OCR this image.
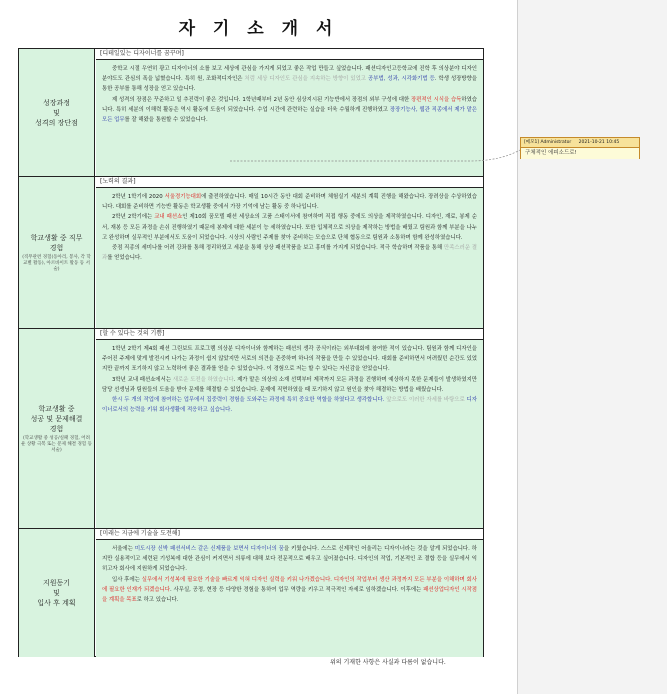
자 기 소 개 서
성장과정
및
성격의 장단점
[디테일있는 디자이너를 꿈꾸며]

중학교 시절 우연히 광고 디자이너의 소를 보고 세상에 관심을 가지게 되었고 좋은 작업 만들고 싶었습니다. 패션디자인고등학교에 진학 후 의상분야 디자인 분야도도 관심의 폭을 넓혔습니다. 특히 원, 조화적디자인은 처럼 세상 디자인도 관심을 지속하는 방향이 있었고 공부법, 성과, 시각화기법 등. 학생 성장방향을 통한 공부를 통해 성장을 얻고 있습니다.

제 성격의 장점은 꾸준하고 일 추진력이 좋은 것입니다. 1학년때부터 2년 동안 심상지시된 기능반에서 장점의 외부 구성에 대한 장편적인 시식을 습득하였습니다. 특히 세분의 이해력 활동은 역시 활동에 도움이 되었습니다. 수업 시간에 관련하는 실습을 더욱 수월하게 진행하였고 장장기능사, 웹관 직종에서 제가 맡은 모든 업무를 잘 해왔을 통원할 수 있었습니다.

학교생활 중 직무
경험
(직무관련 경험(동아리, 봉사, 각 학교별 활동), 아르바이트 활동 등 서술)
[노력의 결과]

2학년 1학기에 2020 서울경기능대회에 출전하였습니다. 매일 10시간 동안 대회 준비하며 체험실기 세분의 계획 진행을 해왔습니다. 장려상을 수상하였습니다. 대회를 준비하면 기능반 활동은 학교생활 중에서 가장 기억에 남는 활동 중 하나입니다.

2학년 2학기에는 교내 패션쇼인 제10회 꿈모델 패션 세상쇼의 고품 스태이서에 참여하며 직접 행동 중에도 의상을 제작하였습니다. 디자인, 재료, 봉제 순서, 재봉 등 모든 과정을 손쉬 진행하였기 때문에 봉제에 대한 세분이 능 세하였습니다. 또한 입체적으로 의상을 제작하는 방법을 배웠고 팀원과 함께 부분을 나누고 완성하며 실무적인 부분에서도 도움이 되었습니다. 시상의 사람인 주제를 찾아 준비하는 모습으로 단체 협동으로 팀원과 소통하며 함께 완성하였습니다.

중점 직종의 세미나를 어려 강좌를 통해 정리하였고 세분을 통해 상상 패션작품을 보고 흥미를 가지게 되었습니다. 적극 학습하며 작품을 통해 만족스러운 결과를 얻었습니다.

학교생활 중
성공 및 문제해결
경험
(학교생활 중 성공/실패 경험, 어려운 상황 극복 또는 문제 해결 경험 등 서술)
[할 수 있다는 것의 기쁨]

1학년 2학기 제4회 패션 그린보트 프로그램 의상분 디자이너와 함께하는 패션의 생각 공식이라는 외부대회에 참여한 적이 있습니다. 팀원과 함께 디자인을 주어진 주제에 맞게 발전시켜 나가는 과정이 쉽지 않았지만 서로의 의견을 존중하며 하나의 작품을 만들 수 있었습니다. 대회를 준비하면서 어려웠던 순간도 있었지만 끝까지 포기하지 않고 노력하여 좋은 결과를 얻을 수 있었습니다. 이 경험으로 저는 할 수 있다는 자신감을 얻었습니다.

3학년 교내 패션쇼에서는 새로운 도전을 하였습니다. 제가 맡은 의상의 소재 선택부터 제작까지 모든 과정을 진행하며 예상하지 못한 문제들이 발생하였지만 담당 선생님과 팀원들의 도움을 받아 문제를 해결할 수 있었습니다. 문제에 직면하였을 때 포기하지 않고 원인을 찾아 해결하는 방법을 배웠습니다.

한시 두 개의 작업에 참여하는 업무에서 집중력이 경험을 도와주는 과정에 특히 중요한 역할을 하였다고 생각합니다. 앞으로도 이러한 자세를 바탕으로 디자이너로서의 능력을 키워 회사생활에 적응하고 싶습니다.

지원동기
및
입사 후 계획
[미래는 지금에 기술을 도전해]

서울에는 미도시장 신박 패션서비스 같은 신제품을 보면서 디자이너의 꿈을 키웠습니다. 스스로 신제작인 어울리는 디자이너라는 것을 알게 되었습니다. 하지만 실용적이고 세련된 기성복에 대한 관심이 커지면서 의류에 대해 보다 전문적으로 배우고 싶어졌습니다. 디자인의 작업, 기본적인 조 결합 등을 실무에서 익히고자 회사에 지원하게 되었습니다.

입사 후에는 실무에서 기성복에 필요한 기술을 빠르게 익혀 디자인 실력을 키워 나가겠습니다. 디자인의 작업부터 생산 과정까지 모든 부분을 이해하며 회사에 필요한 인재가 되겠습니다. 사무실, 공정, 현장 등 다양한 경험을 통하여 업무 역량을 키우고 적극적인 자세로 임하겠습니다. 이후에는 패션상업디자인 시작점을 계획을 목표로 하고 있습니다.

위의 기재한 사항은 사실과 다름이 없습니다.
[메모1] Administrator 2021-10-21 10:45
구체적인 에피소드로!
